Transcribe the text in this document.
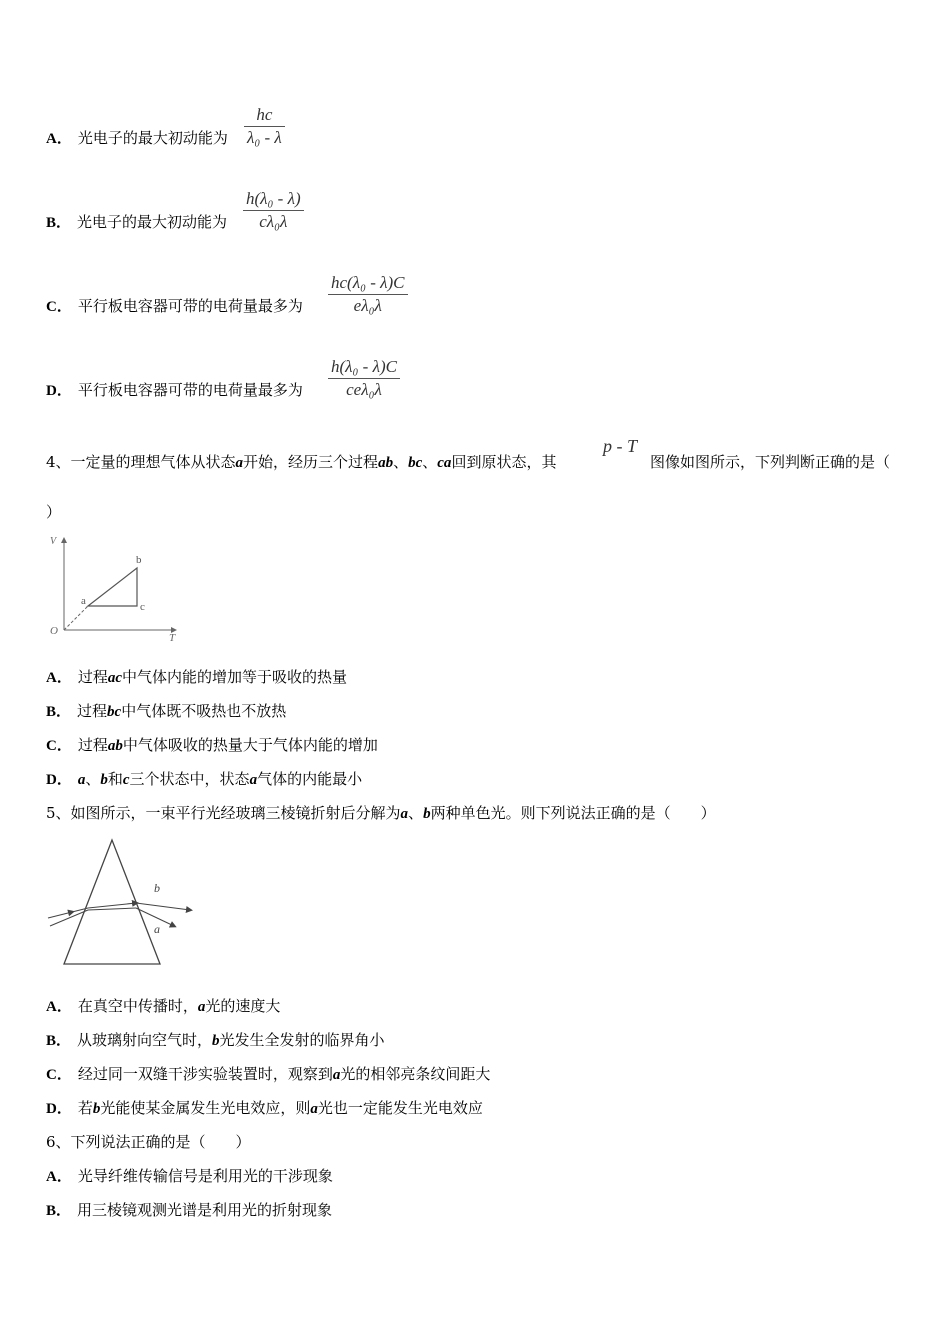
A． 光电子的最大初动能为
hc
λ₀ - λ
B． 光电子的最大初动能为
h(λ₀ - λ)
cλ₀λ
C． 平行板电容器可带的电荷量最多为
hc(λ₀ - λ)C
eλ₀λ
D． 平行板电容器可带的电荷量最多为
h(λ₀ - λ)C
ceλ₀λ
4、一定量的理想气体从状态a开始，经历三个过程ab、bc、ca回到原状态，其
p - T
图像如图所示，下列判断正确的是（
）
V
T
O
a
b
c
A． 过程ac中气体内能的增加等于吸收的热量
B． 过程bc中气体既不吸热也不放热
C． 过程ab中气体吸收的热量大于气体内能的增加
D． a、b和c三个状态中，状态a气体的内能最小
5、如图所示，一束平行光经玻璃三棱镜折射后分解为a、b两种单色光。则下列说法正确的是（　　）
b
a
A． 在真空中传播时，a光的速度大
B． 从玻璃射向空气时，b光发生全发射的临界角小
C． 经过同一双缝干涉实验装置时，观察到a光的相邻亮条纹间距大
D． 若b光能使某金属发生光电效应，则a光也一定能发生光电效应
6、下列说法正确的是（　　）
A． 光导纤维传输信号是利用光的干涉现象
B． 用三棱镜观测光谱是利用光的折射现象
